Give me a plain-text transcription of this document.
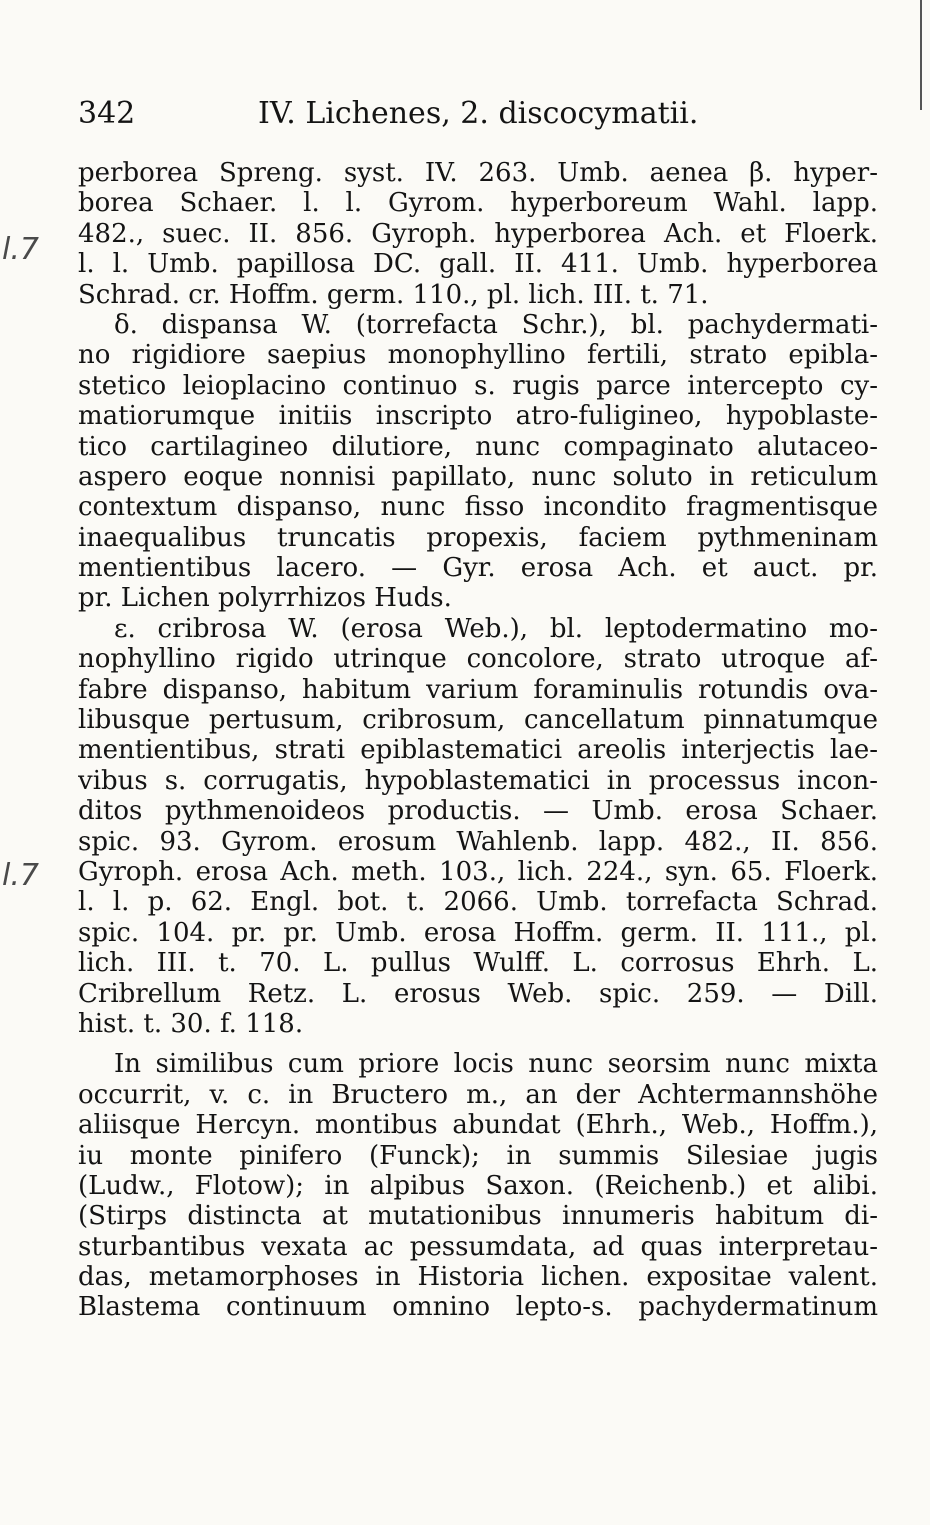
342	IV. Lichenes, 2. discocymatii.
l.7
l.7
perborea Spreng. syst. IV. 263. Umb. aenea β. hyper-
borea Schaer. l. l. Gyrom. hyperboreum Wahl. lapp.
482., suec. II. 856. Gyroph. hyperborea Ach. et Floerk.
l. l. Umb. papillosa DC. gall. II. 411. Umb. hyperborea
Schrad. cr. Hoffm. germ. 110., pl. lich. III. t. 71.
δ. dispansa W. (torrefacta Schr.), bl. pachydermati-
no rigidiore saepius monophyllino fertili, strato epibla-
stetico leioplacino continuo s. rugis parce intercepto cy-
matiorumque initiis inscripto atro-fuligineo, hypoblaste-
tico cartilagineo dilutiore, nunc compaginato alutaceo-
aspero eoque nonnisi papillato, nunc soluto in reticulum
contextum dispanso, nunc fisso incondito fragmentisque
inaequalibus truncatis propexis, faciem pythmeninam
mentientibus lacero. — Gyr. erosa Ach. et auct. pr.
pr. Lichen polyrrhizos Huds.
ε. cribrosa W. (erosa Web.), bl. leptodermatino mo-
nophyllino rigido utrinque concolore, strato utroque af-
fabre dispanso, habitum varium foraminulis rotundis ova-
libusque pertusum, cribrosum, cancellatum pinnatumque
mentientibus, strati epiblastematici areolis interjectis lae-
vibus s. corrugatis, hypoblastematici in processus incon-
ditos pythmenoideos productis. — Umb. erosa Schaer.
spic. 93. Gyrom. erosum Wahlenb. lapp. 482., II. 856.
Gyroph. erosa Ach. meth. 103., lich. 224., syn. 65. Floerk.
l. l. p. 62. Engl. bot. t. 2066. Umb. torrefacta Schrad.
spic. 104. pr. pr. Umb. erosa Hoffm. germ. II. 111., pl.
lich. III. t. 70. L. pullus Wulff. L. corrosus Ehrh. L.
Cribrellum Retz. L. erosus Web. spic. 259. — Dill.
hist. t. 30. f. 118.
In similibus cum priore locis nunc seorsim nunc mixta
occurrit, v. c. in Bructero m., an der Achtermannshöhe
aliisque Hercyn. montibus abundat (Ehrh., Web., Hoffm.),
iu monte pinifero (Funck); in summis Silesiae jugis
(Ludw., Flotow); in alpibus Saxon. (Reichenb.) et alibi.
(Stirps distincta at mutationibus innumeris habitum di-
sturbantibus vexata ac pessumdata, ad quas interpretau-
das, metamorphoses in Historia lichen. expositae valent.
Blastema continuum omnino lepto-s. pachydermatinum
